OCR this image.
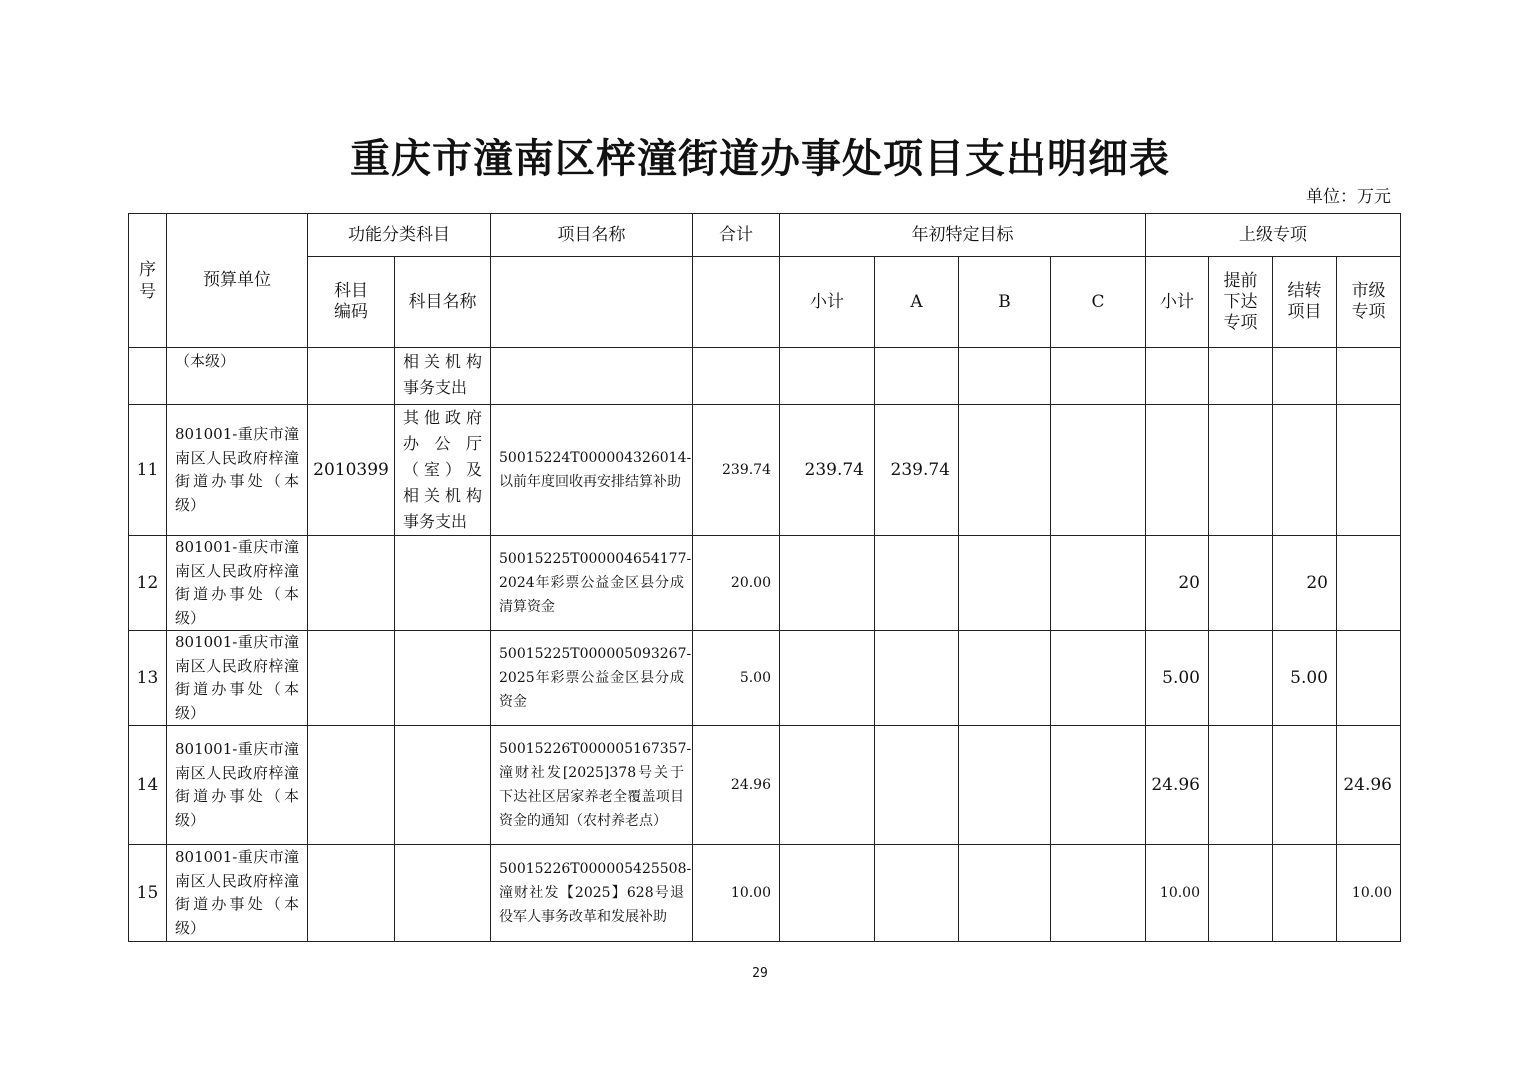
重庆市潼南区梓潼街道办事处项目支出明细表
单位：万元
序号	预算单位	功能分类科目		项目名称	合计	年初特定目标				上级专项			

		科目编码	科目名称			小计	A	B	C	小计	提前下达专项	结转项目	市级专项

	（本级）		相关机构事务支出										
11	801001-重庆市潼南区人民政府梓潼街道办事处（本级）	2010399	其他政府办公厅（室）及相关机构事务支出	50015224T000004326014-以前年度回收再安排结算补助	239.74	239.74	239.74						
12	801001-重庆市潼南区人民政府梓潼街道办事处（本级）			50015225T000004654177-2024年彩票公益金区县分成清算资金	20.00					20		20	
13	801001-重庆市潼南区人民政府梓潼街道办事处（本级）			50015225T000005093267-2025年彩票公益金区县分成资金	5.00					5.00		5.00	
14	801001-重庆市潼南区人民政府梓潼街道办事处（本级）			50015226T000005167357-潼财社发[2025]378号关于下达社区居家养老全覆盖项目资金的通知（农村养老点）	24.96					24.96			24.96
15	801001-重庆市潼南区人民政府梓潼街道办事处（本级）			50015226T000005425508-潼财社发【2025】628号退役军人事务改革和发展补助	10.00					10.00			10.00
29
